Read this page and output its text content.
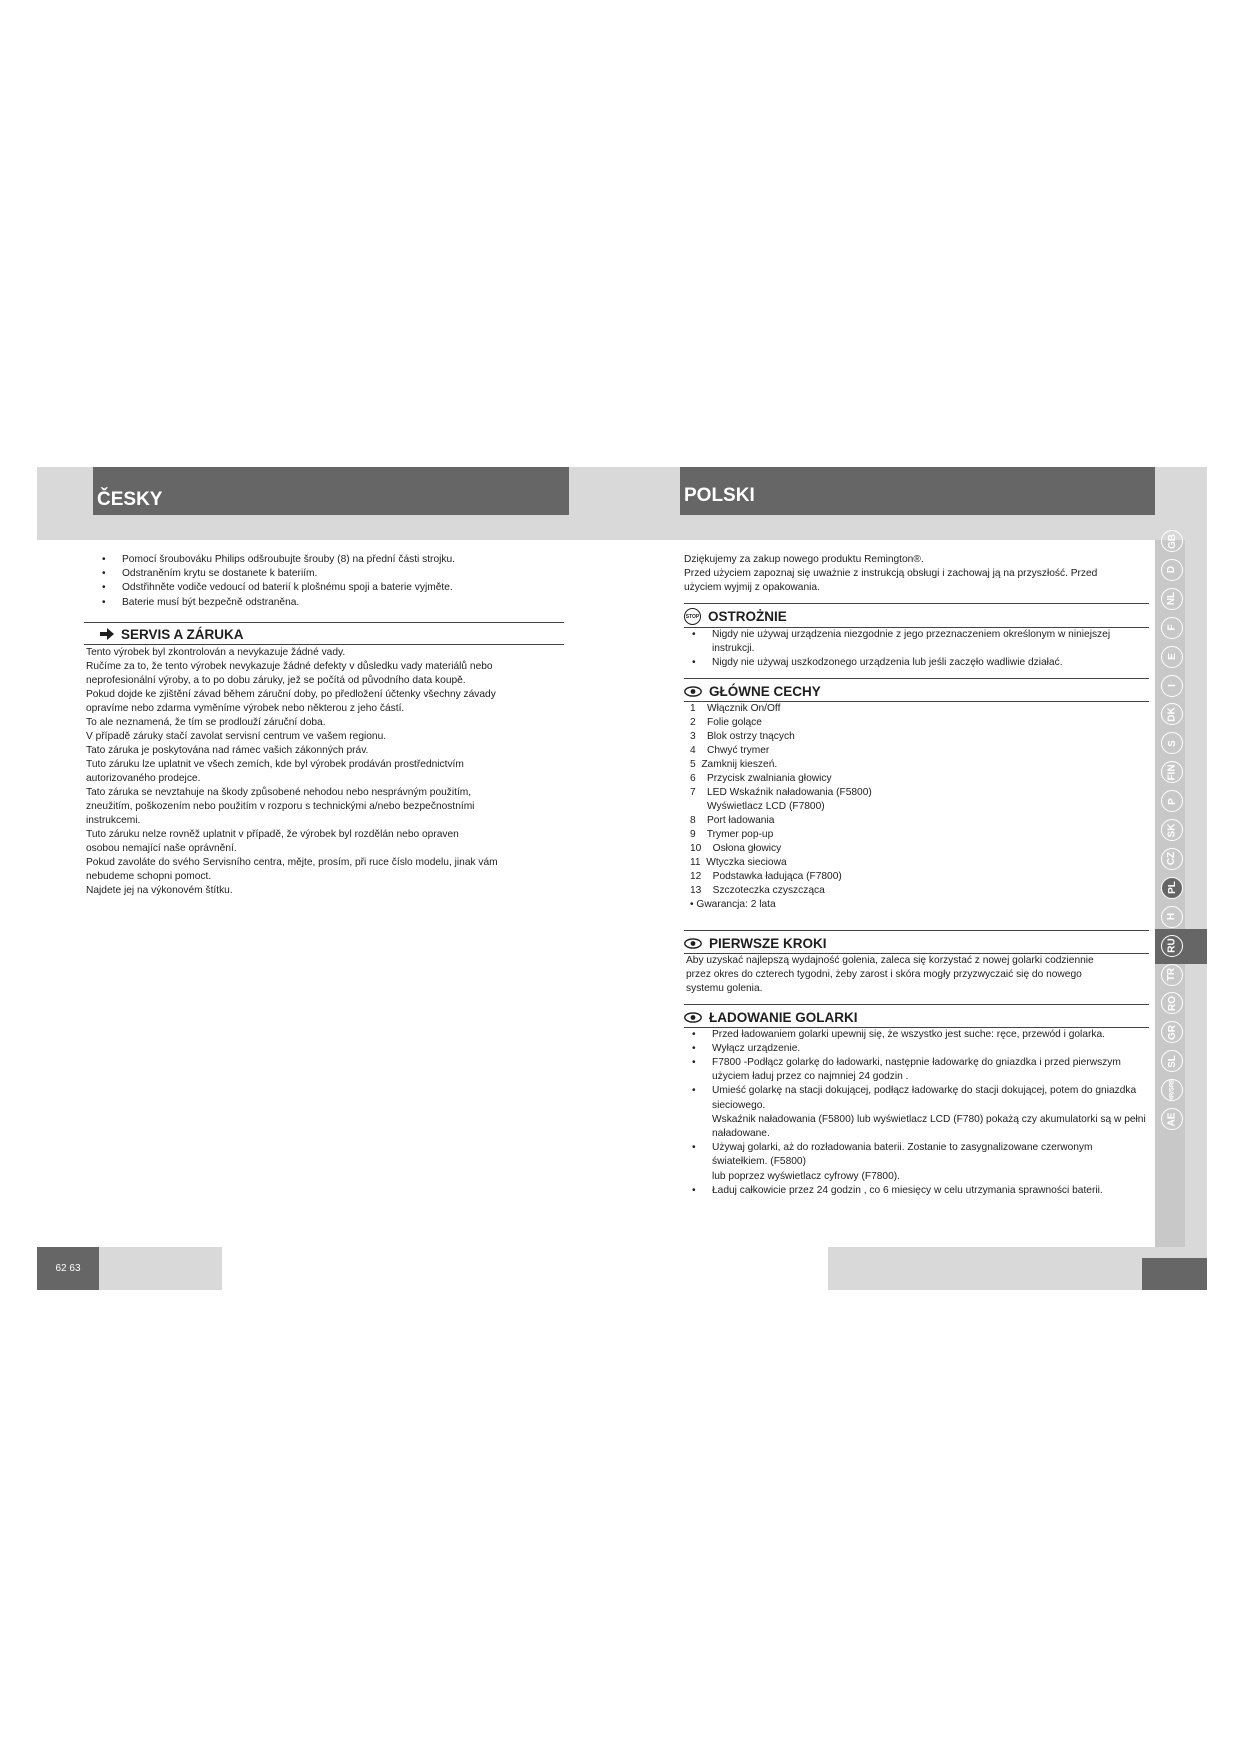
ČESKY	POLSKI
GB
D
NL
F
E
I
DK
S
FIN
P
SK
CZ
PL
H
RU
TR
RO
GR
SL
HR/SRB
AE
• Pomocí šroubováku Philips odšroubujte šrouby (8) na přední části strojku.
• Odstraněním krytu se dostanete k bateriím.
• Odstřihněte vodiče vedoucí od baterií k plošnému spoji a baterie vyjměte.
• Baterie musí být bezpečně odstraněna.
SERVIS A ZÁRUKA
Tento výrobek byl zkontrolován a nevykazuje žádné vady.
Ručíme za to, že tento výrobek nevykazuje žádné defekty v důsledku vady materiálů nebo
neprofesionální výroby, a to po dobu záruky, jež se počítá od původního data koupě.
Pokud dojde ke zjištění závad během záruční doby, po předložení účtenky všechny závady
opravíme nebo zdarma vyměníme výrobek nebo některou z jeho částí.
To ale neznamená, že tím se prodlouží záruční doba.
V případě záruky stačí zavolat servisní centrum ve vašem regionu.
Tato záruka je poskytována nad rámec vašich zákonných práv.
Tuto záruku lze uplatnit ve všech zemích, kde byl výrobek prodáván prostřednictvím
autorizovaného prodejce.
Tato záruka se nevztahuje na škody způsobené nehodou nebo nesprávným použitím,
zneužitím, poškozením nebo použitím v rozporu s technickými a/nebo bezpečnostními
instrukcemi.
Tuto záruku nelze rovněž uplatnit v případě, že výrobek byl rozdělán nebo opraven
osobou nemající naše oprávnění.
Pokud zavoláte do svého Servisního centra, mějte, prosím, při ruce číslo modelu, jinak vám
nebudeme schopni pomoct.
Najdete jej na výkonovém štítku.
Dziękujemy za zakup nowego produktu Remington®.
Przed użyciem zapoznaj się uważnie z instrukcją obsługi i zachowaj ją na przyszłość. Przed
użyciem wyjmij z opakowania.
STOP OSTROŻNIE
• Nigdy nie używaj urządzenia niezgodnie z jego przeznaczeniem określonym w niniejszej instrukcji.
• Nigdy nie używaj uszkodzonego urządzenia lub jeśli zaczęło wadliwie działać.
GŁÓWNE CECHY
1    Włącznik On/Off
2    Folie golące
3    Blok ostrzy tnących
4    Chwyć trymer
5  Zamknij kieszeń.
6    Przycisk zwalniania głowicy
7    LED Wskaźnik naładowania (F5800)
Wyświetlacz LCD (F7800)
8    Port ładowania
9    Trymer pop-up
10    Osłona głowicy
11  Wtyczka sieciowa
12    Podstawka ładująca (F7800)
13    Szczoteczka czyszcząca
• Gwarancja: 2 lata
PIERWSZE KROKI
Aby uzyskać najlepszą wydajność golenia, zaleca się korzystać z nowej golarki codziennie
przez okres do czterech tygodni, żeby zarost i skóra mogły przyzwyczaić się do nowego
systemu golenia.
ŁADOWANIE GOLARKI
• Przed ładowaniem golarki upewnij się, że wszystko jest suche: ręce, przewód i golarka.
• Wyłącz urządzenie.
• F7800 -Podłącz golarkę do ładowarki, następnie ładowarkę do gniazdka i przed pierwszym użyciem ładuj przez co najmniej 24 godzin .
• Umieść golarkę na stacji dokującej, podłącz ładowarkę do stacji dokującej, potem do gniazdka sieciowego.
Wskaźnik naładowania (F5800) lub wyświetlacz LCD (F780) pokażą czy akumulatorki są w pełni naładowane.
• Używaj golarki, aż do rozładowania baterii. Zostanie to zasygnalizowane czerwonym światełkiem. (F5800)
lub poprzez wyświetlacz cyfrowy (F7800).
• Ładuj całkowicie przez 24 godzin , co 6 miesięcy w celu utrzymania sprawności baterii.
62 63
